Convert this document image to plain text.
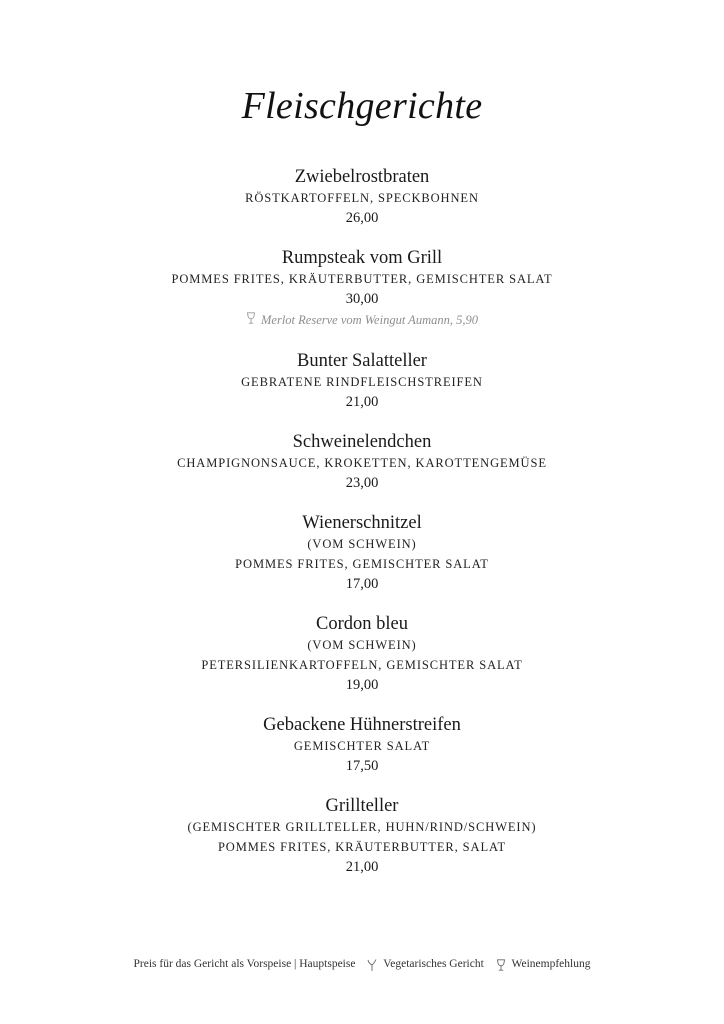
Fleischgerichte
Zwiebelrostbraten
RÖSTKARTOFFELN, SPECKBOHNEN
26,00
Rumpsteak vom Grill
POMMES FRITES, KRÄUTERBUTTER, GEMISCHTER SALAT
30,00
Merlot Reserve vom Weingut Aumann, 5,90
Bunter Salatteller
GEBRATENE RINDFLEISCHSTREIFEN
21,00
Schweinelendchen
CHAMPIGNONSAUCE, KROKETTEN, KAROTTENGEMÜSE
23,00
Wienerschnitzel
(VOM SCHWEIN)
POMMES FRITES, GEMISCHTER SALAT
17,00
Cordon bleu
(VOM SCHWEIN)
PETERSILIENKARTOFFELN, GEMISCHTER SALAT
19,00
Gebackene Hühnerstreifen
GEMISCHTER SALAT
17,50
Grillteller
(GEMISCHTER GRILLTELLER, HUHN/RIND/SCHWEIN)
POMMES FRITES, KRÄUTERBUTTER, SALAT
21,00
Preis für das Gericht als Vorspeise | Hauptspeise Vegetarisches Gericht Weinempfehlung
